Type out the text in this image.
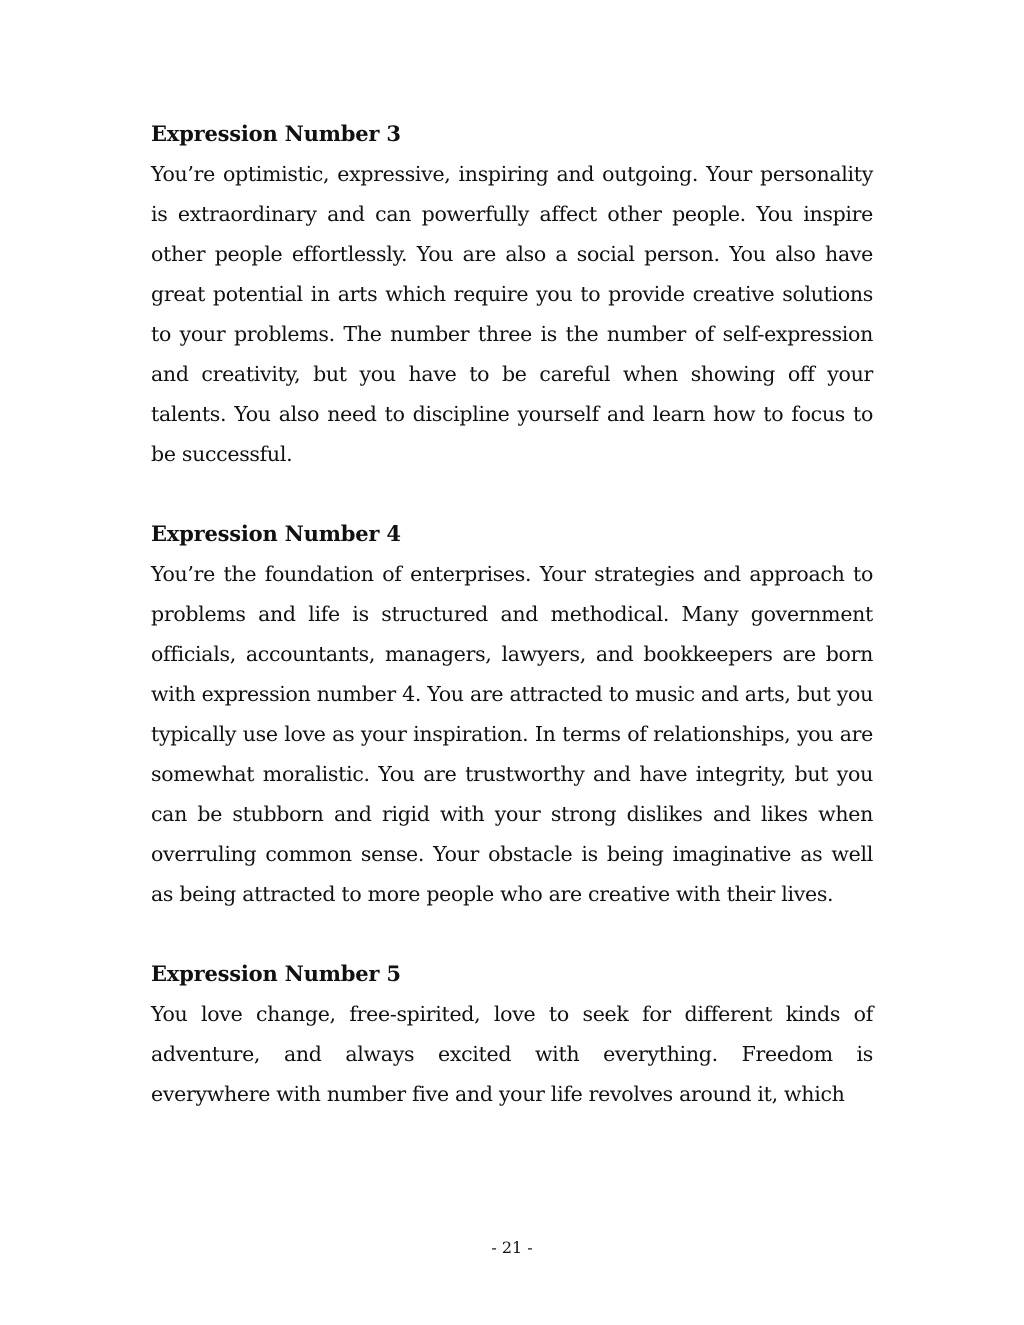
Expression Number 3

You’re optimistic, expressive, inspiring and outgoing. Your personality is extraordinary and can powerfully affect other people. You inspire other people effortlessly. You are also a social person. You also have great potential in arts which require you to provide creative solutions to your problems. The number three is the number of self-expression and creativity, but you have to be careful when showing off your talents. You also need to discipline yourself and learn how to focus to be successful.

Expression Number 4

You’re the foundation of enterprises. Your strategies and approach to problems and life is structured and methodical. Many government officials, accountants, managers, lawyers, and bookkeepers are born with expression number 4. You are attracted to music and arts, but you typically use love as your inspiration. In terms of relationships, you are somewhat moralistic. You are trustworthy and have integrity, but you can be stubborn and rigid with your strong dislikes and likes when overruling common sense. Your obstacle is being imaginative as well as being attracted to more people who are creative with their lives.

Expression Number 5

You love change, free-spirited, love to seek for different kinds of adventure, and always excited with everything. Freedom is everywhere with number five and your life revolves around it, which

- 21 -
